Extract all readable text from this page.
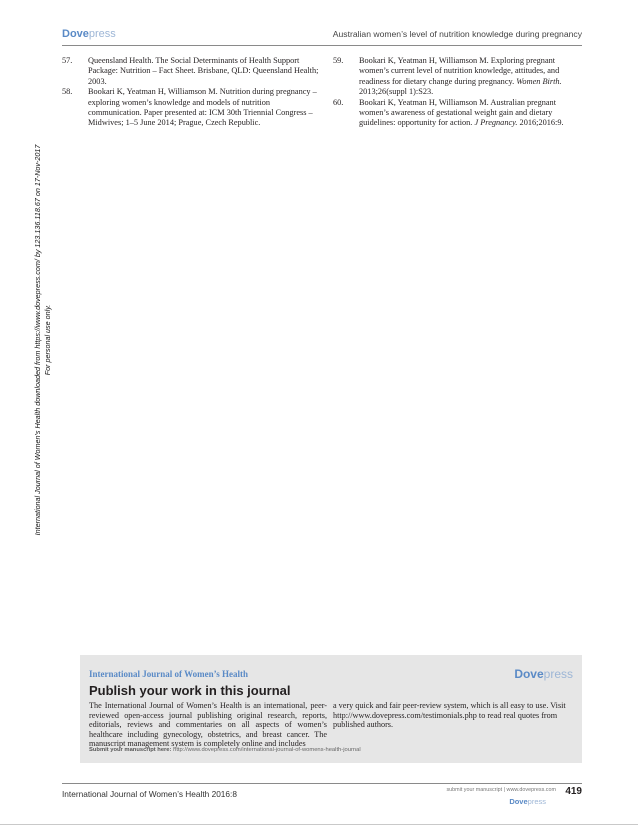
Dovepress	Australian women’s level of nutrition knowledge during pregnancy
International Journal of Women's Health downloaded from https://www.dovepress.com/ by 123.136.118.67 on 17-Nov-2017 For personal use only.
57. Queensland Health. The Social Determinants of Health Support Package: Nutrition – Fact Sheet. Brisbane, QLD: Queensland Health; 2003.
58. Bookari K, Yeatman H, Williamson M. Nutrition during pregnancy – exploring women’s knowledge and models of nutrition communication. Paper presented at: ICM 30th Triennial Congress – Midwives; 1–5 June 2014; Prague, Czech Republic.
59. Bookari K, Yeatman H, Williamson M. Exploring pregnant women’s current level of nutrition knowledge, attitudes, and readiness for dietary change during pregnancy. Women Birth. 2013;26(suppl 1):S23.
60. Bookari K, Yeatman H, Williamson M. Australian pregnant women’s awareness of gestational weight gain and dietary guidelines: opportunity for action. J Pregnancy. 2016;2016:9.
International Journal of Women’s Health	Dovepress
Publish your work in this journal
The International Journal of Women’s Health is an international, peer-reviewed open-access journal publishing original research, reports, editorials, reviews and commentaries on all aspects of women’s healthcare including gynecology, obstetrics, and breast cancer. The manuscript management system is completely online and includes
a very quick and fair peer-review system, which is all easy to use. Visit http://www.dovepress.com/testimonials.php to read real quotes from published authors.
Submit your manuscript here: http://www.dovepress.com/international-journal-of-womens-health-journal
International Journal of Women’s Health 2016:8	submit your manuscript | www.dovepress.com 419
Dovepress
